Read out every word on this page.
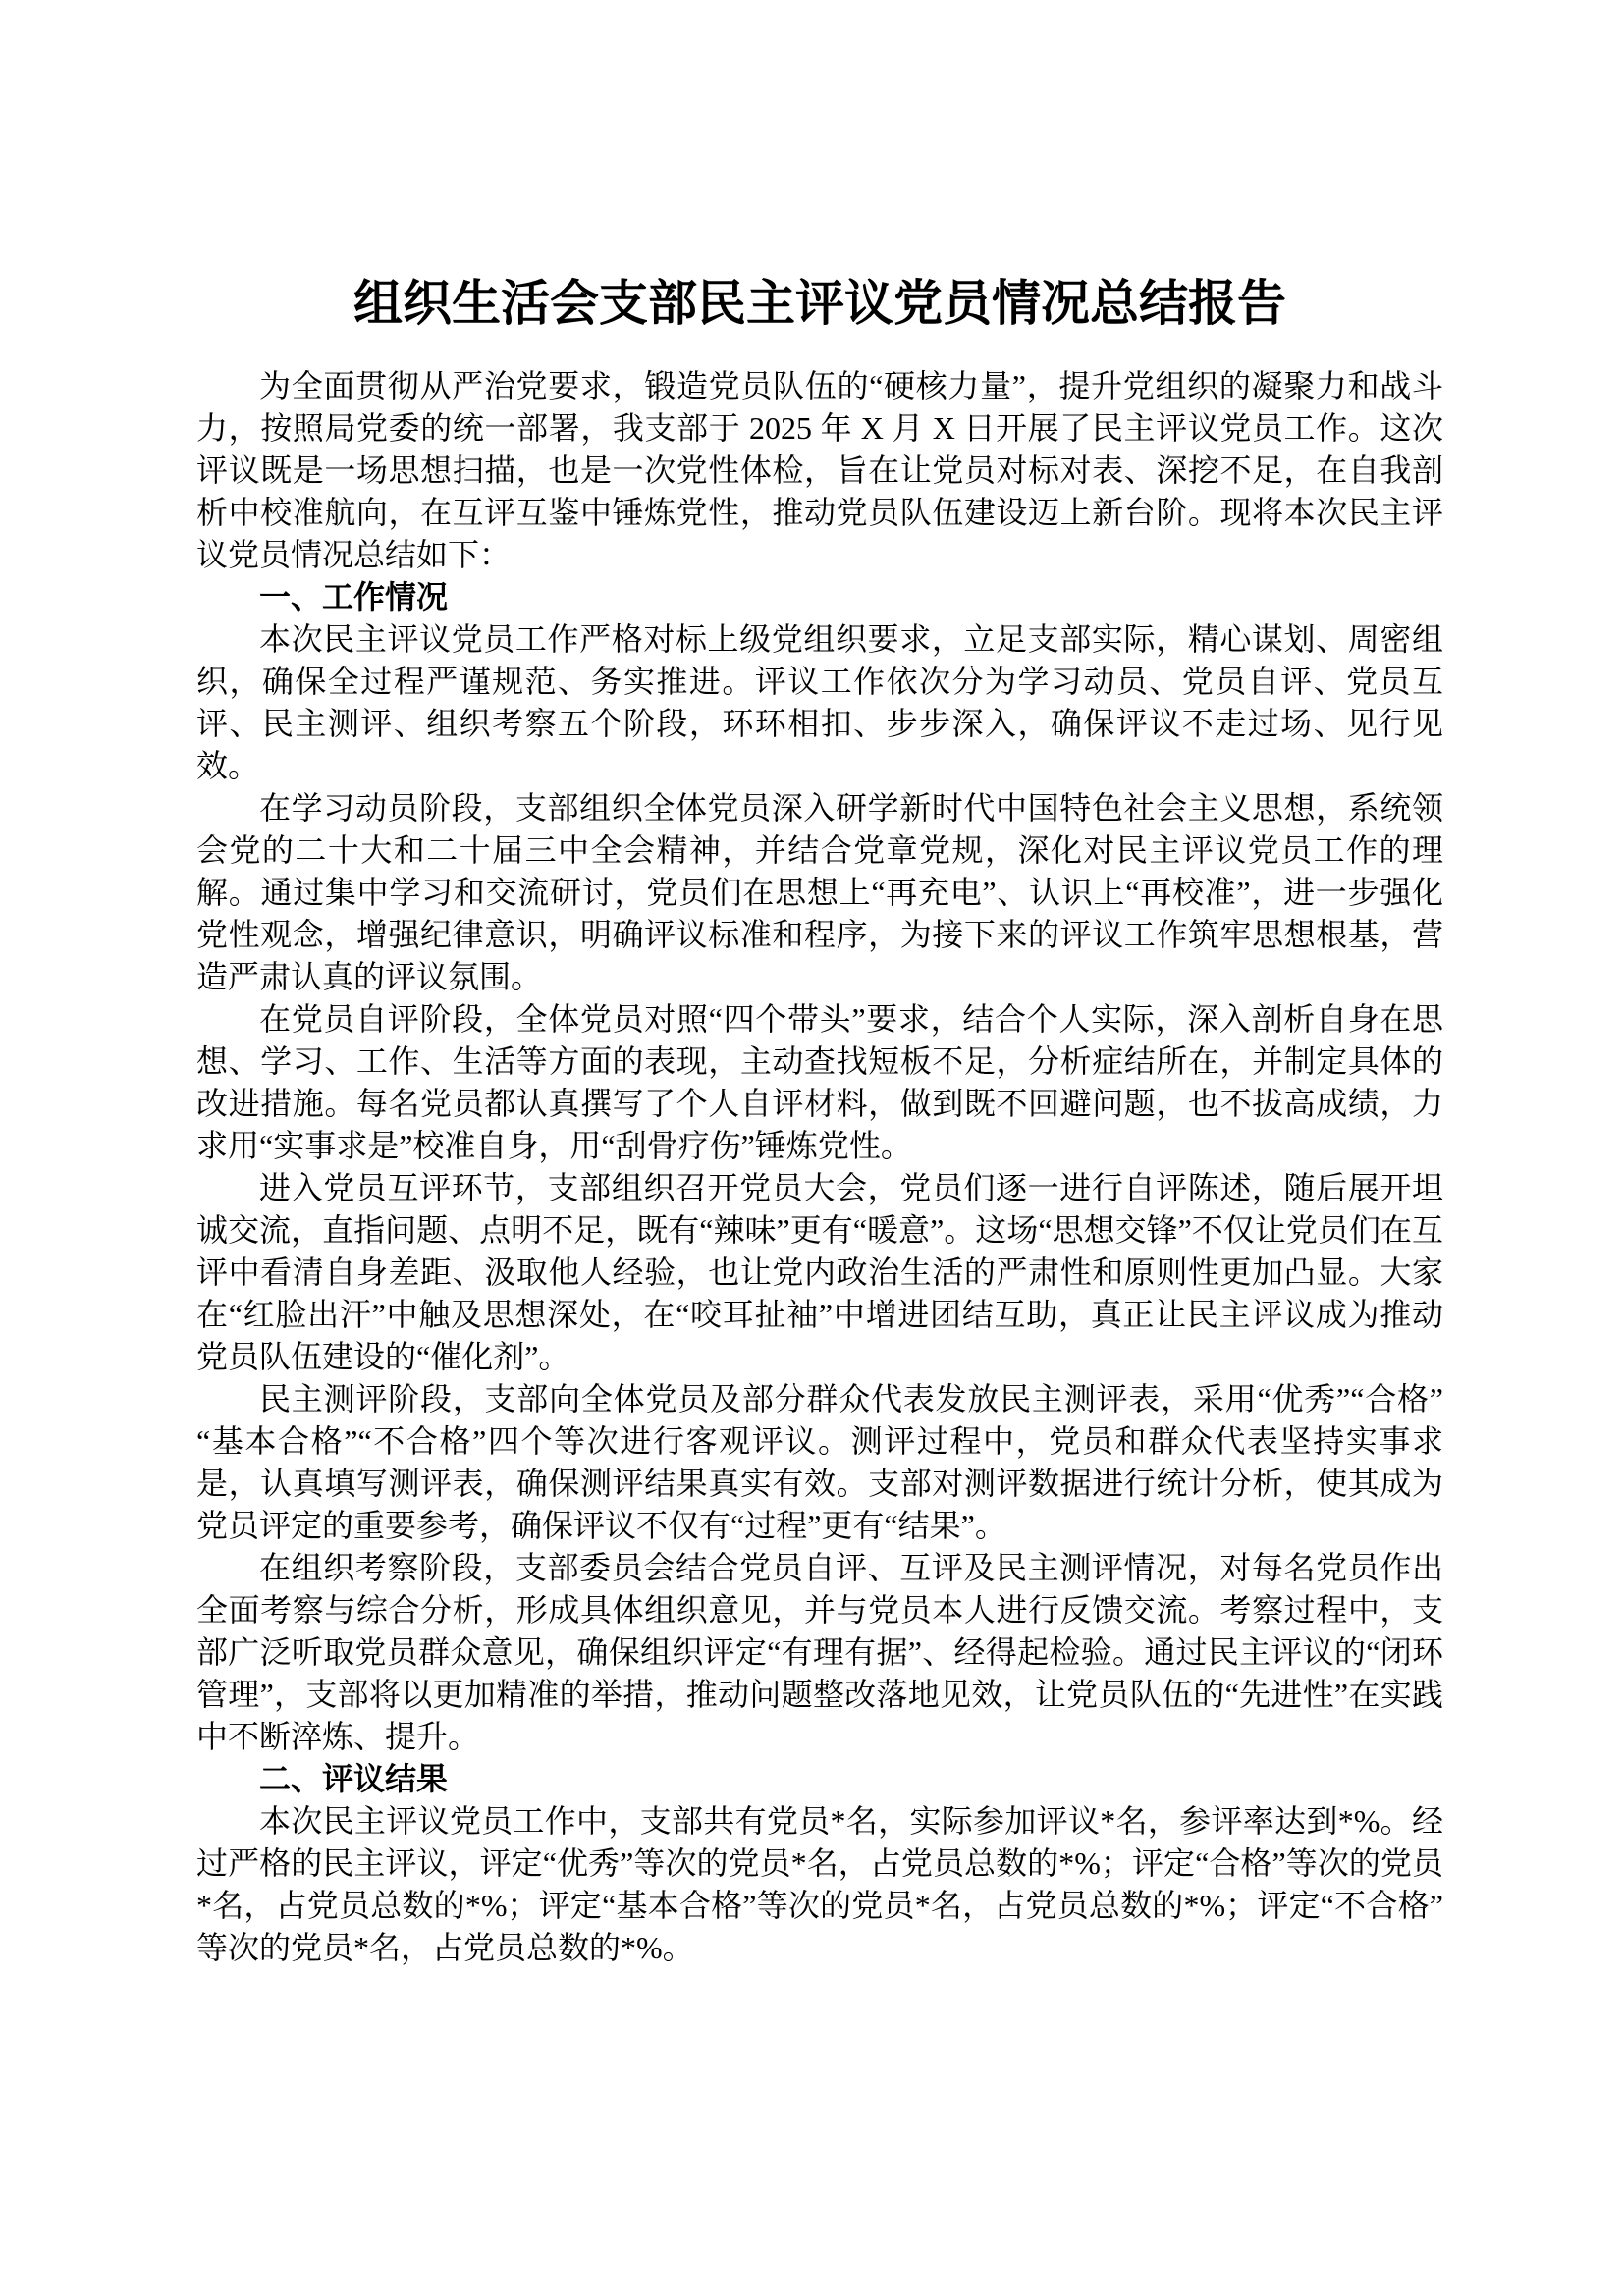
组织生活会支部民主评议党员情况总结报告

为全面贯彻从严治党要求，锻造党员队伍的“硬核力量”，提升党组织的凝聚力和战斗力，按照局党委的统一部署，我支部于 2025 年 X 月 X 日开展了民主评议党员工作。这次评议既是一场思想扫描，也是一次党性体检，旨在让党员对标对表、深挖不足，在自我剖析中校准航向，在互评互鉴中锤炼党性，推动党员队伍建设迈上新台阶。现将本次民主评议党员情况总结如下：

一、工作情况

本次民主评议党员工作严格对标上级党组织要求，立足支部实际，精心谋划、周密组织，确保全过程严谨规范、务实推进。评议工作依次分为学习动员、党员自评、党员互评、民主测评、组织考察五个阶段，环环相扣、步步深入，确保评议不走过场、见行见效。

在学习动员阶段，支部组织全体党员深入研学新时代中国特色社会主义思想，系统领会党的二十大和二十届三中全会精神，并结合党章党规，深化对民主评议党员工作的理解。通过集中学习和交流研讨，党员们在思想上“再充电”、认识上“再校准”，进一步强化党性观念，增强纪律意识，明确评议标准和程序，为接下来的评议工作筑牢思想根基，营造严肃认真的评议氛围。

在党员自评阶段，全体党员对照“四个带头”要求，结合个人实际，深入剖析自身在思想、学习、工作、生活等方面的表现，主动查找短板不足，分析症结所在，并制定具体的改进措施。每名党员都认真撰写了个人自评材料，做到既不回避问题，也不拔高成绩，力求用“实事求是”校准自身，用“刮骨疗伤”锤炼党性。

进入党员互评环节，支部组织召开党员大会，党员们逐一进行自评陈述，随后展开坦诚交流，直指问题、点明不足，既有“辣味”更有“暖意”。这场“思想交锋”不仅让党员们在互评中看清自身差距、汲取他人经验，也让党内政治生活的严肃性和原则性更加凸显。大家在“红脸出汗”中触及思想深处，在“咬耳扯袖”中增进团结互助，真正让民主评议成为推动党员队伍建设的“催化剂”。

民主测评阶段，支部向全体党员及部分群众代表发放民主测评表，采用“优秀”“合格”“基本合格”“不合格”四个等次进行客观评议。测评过程中，党员和群众代表坚持实事求是，认真填写测评表，确保测评结果真实有效。支部对测评数据进行统计分析，使其成为党员评定的重要参考，确保评议不仅有“过程”更有“结果”。

在组织考察阶段，支部委员会结合党员自评、互评及民主测评情况，对每名党员作出全面考察与综合分析，形成具体组织意见，并与党员本人进行反馈交流。考察过程中，支部广泛听取党员群众意见，确保组织评定“有理有据”、经得起检验。通过民主评议的“闭环管理”，支部将以更加精准的举措，推动问题整改落地见效，让党员队伍的“先进性”在实践中不断淬炼、提升。

二、评议结果

本次民主评议党员工作中，支部共有党员*名，实际参加评议*名，参评率达到*%。经过严格的民主评议，评定“优秀”等次的党员*名，占党员总数的*%；评定“合格”等次的党员*名，占党员总数的*%；评定“基本合格”等次的党员*名，占党员总数的*%；评定“不合格”等次的党员*名，占党员总数的*%。
